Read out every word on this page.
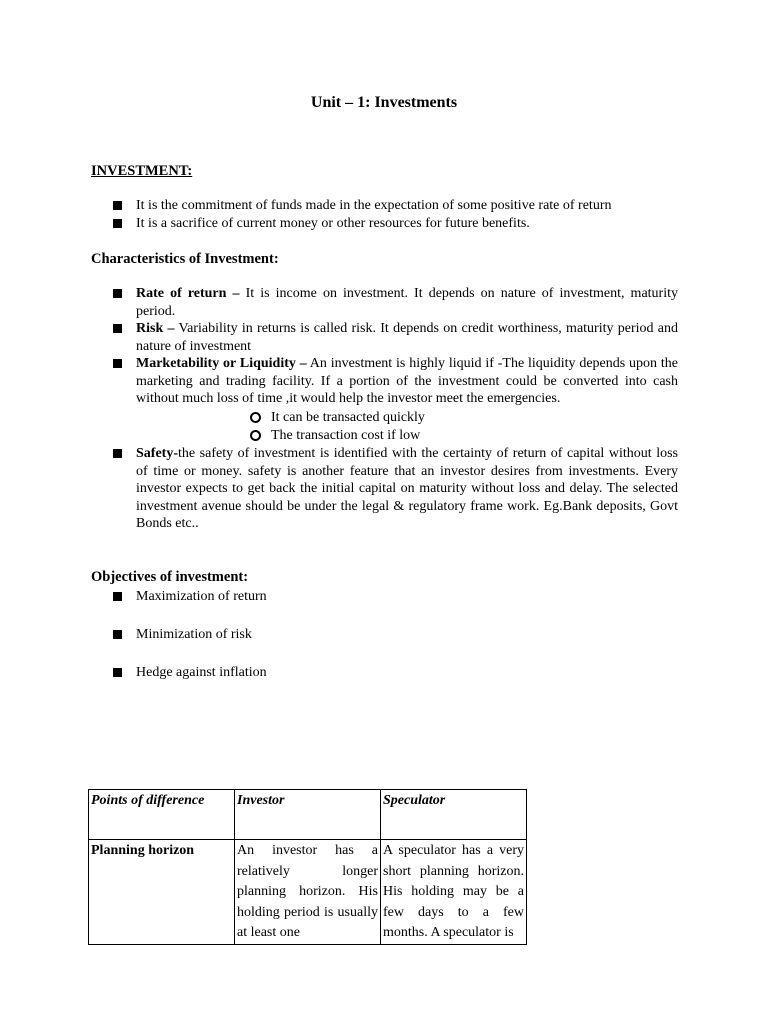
Unit – 1: Investments
INVESTMENT:
It is the commitment of funds made in the expectation of some positive rate of return
It is a sacrifice of current money or other resources for future benefits.
Characteristics of Investment:
Rate of return – It is income on investment. It depends on nature of investment, maturity period.
Risk – Variability in returns is called risk. It depends on credit worthiness, maturity period and nature of investment
Marketability or Liquidity – An investment is highly liquid if -The liquidity depends upon the marketing and trading facility. If a portion of the investment could be converted into cash without much loss of time ,it would help the investor meet the emergencies.
It can be transacted quickly
The transaction cost if low
Safety-the safety of investment is identified with the certainty of return of capital without loss of time or money. safety is another feature that an investor desires from investments. Every investor expects to get back the initial capital on maturity without loss and delay. The selected investment avenue should be under the legal & regulatory frame work. Eg.Bank deposits, Govt Bonds etc..
Objectives of investment:
Maximization of return
Minimization of risk
Hedge against inflation
Points of difference	Investor	Speculator

Planning horizon	An investor has a relatively longer planning horizon. His holding period is usually at least one	A speculator has a very short planning horizon. His holding may be a few days to a few months. A speculator is
